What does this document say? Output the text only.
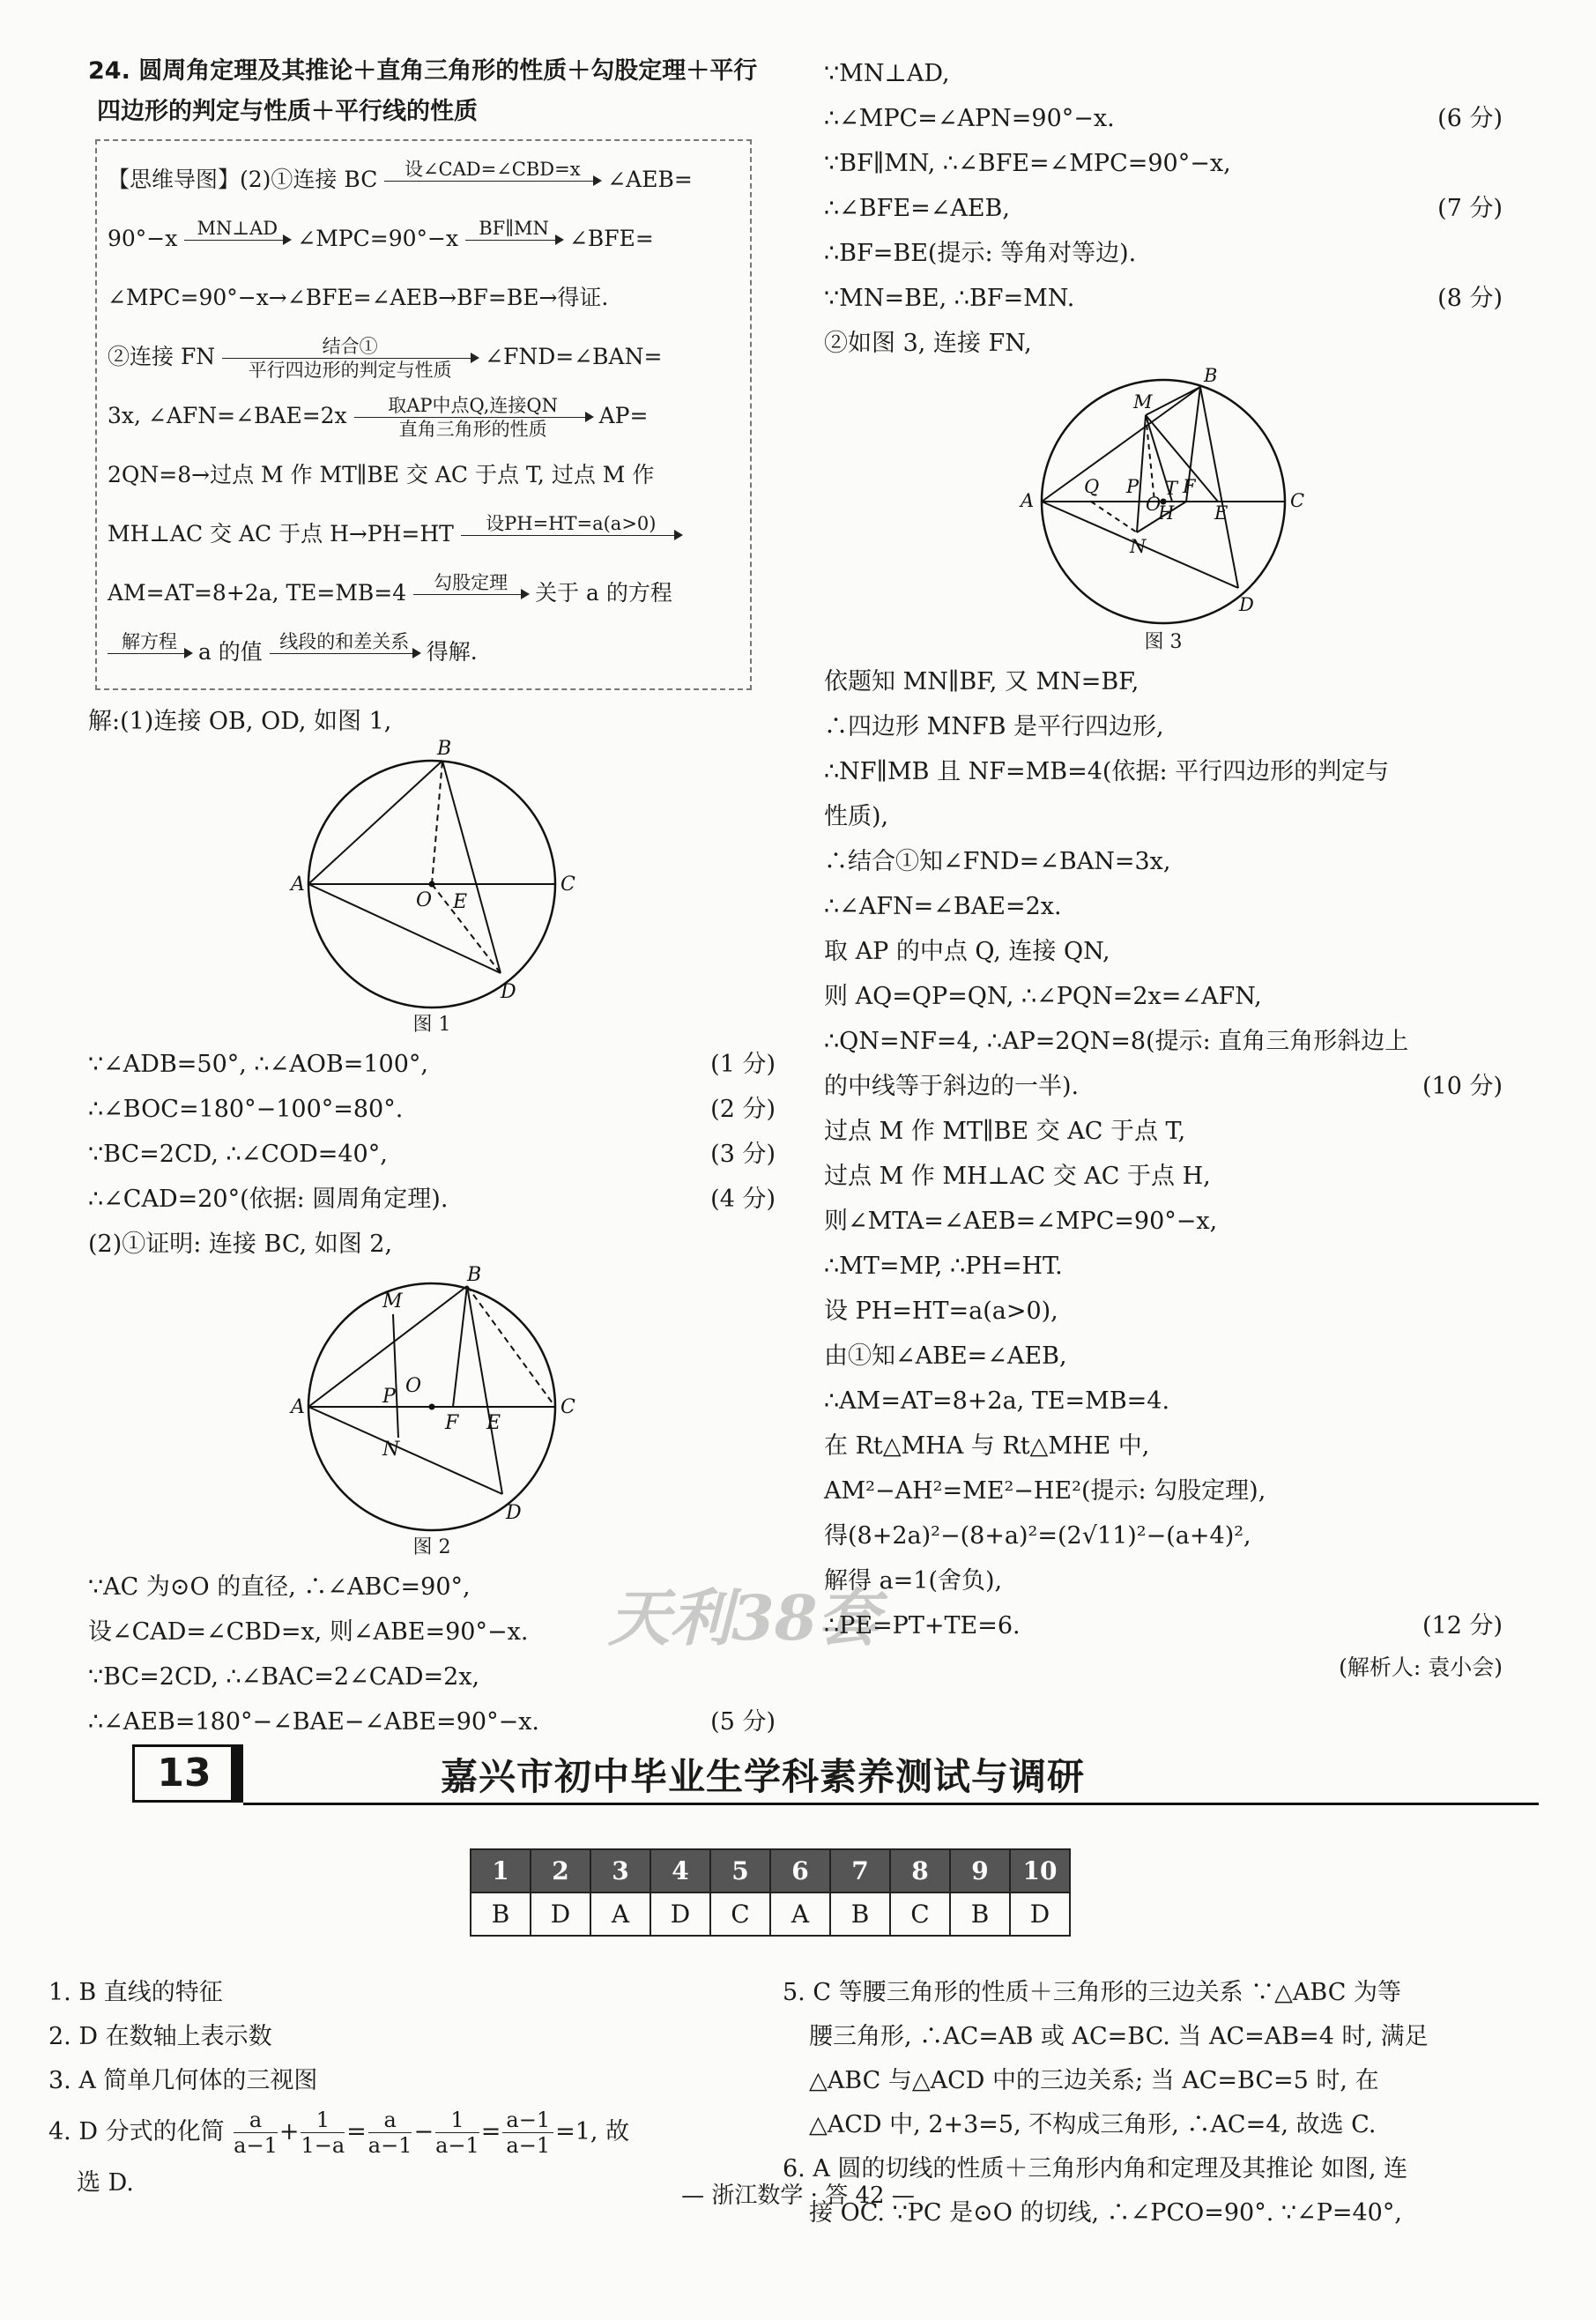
天利38套
24. 圆周角定理及其推论＋直角三角形的性质＋勾股定理＋平行
四边形的判定与性质＋平行线的性质
【思维导图】(2)①连接 BC	设∠CAD=∠CBD=x
	∠AEB=
90°−x	MN⊥AD
∠MPC=90°−x	BF∥MN
∠BFE=
∠MPC=90°−x→∠BFE=∠AEB→BF=BE→得证.
②连接 FN	结合①
平行四边形的判定与性质
∠FND=∠BAN=
3x, ∠AFN=∠BAE=2x	取AP中点Q,连接QN
直角三角形的性质
AP=
2QN=8→过点 M 作 MT∥BE 交 AC 于点 T, 过点 M 作
MH⊥AC 交 AC 于点 H→PH=HT	设PH=HT=a(a>0)

AM=AT=8+2a, TE=MB=4	勾股定理
	关于 a 的方程
解方程
a 的值 线段的和差关系
得解.
解:(1)连接 OB, OD, 如图 1,
B
A	C
O E
D
图 1
∵∠ADB=50°, ∴∠AOB=100°,	(1 分)
∴∠BOC=180°−100°=80°.	(2 分)
∵BC=2CD, ∴∠COD=40°,	(3 分)
∴∠CAD=20°(依据: 圆周角定理).	(4 分)
(2)①证明: 连接 BC, 如图 2,
B
A	C
M
P O
F E
N
D
图 2
∵AC 为⊙O 的直径, ∴∠ABC=90°,
设∠CAD=∠CBD=x, 则∠ABE=90°−x.
∵BC=2CD, ∴∠BAC=2∠CAD=2x,
∴∠AEB=180°−∠BAE−∠ABE=90°−x.	(5 分)
∵MN⊥AD,
∴∠MPC=∠APN=90°−x.	(6 分)
∵BF∥MN, ∴∠BFE=∠MPC=90°−x,
∴∠BFE=∠AEB,	(7 分)
∴BF=BE(提示: 等角对等边).
∵MN=BE, ∴BF=MN.	(8 分)
②如图 3, 连接 FN,
B
A	C
M
Q P T F
O
H E
N
D
图 3
依题知 MN∥BF, 又 MN=BF,
∴四边形 MNFB 是平行四边形,
∴NF∥MB 且 NF=MB=4(依据: 平行四边形的判定与
性质),
∴结合①知∠FND=∠BAN=3x,
∴∠AFN=∠BAE=2x.
取 AP 的中点 Q, 连接 QN,
则 AQ=QP=QN, ∴∠PQN=2x=∠AFN,
∴QN=NF=4, ∴AP=2QN=8(提示: 直角三角形斜边上
的中线等于斜边的一半).	(10 分)
过点 M 作 MT∥BE 交 AC 于点 T,
过点 M 作 MH⊥AC 交 AC 于点 H,
则∠MTA=∠AEB=∠MPC=90°−x,
∴MT=MP, ∴PH=HT.
设 PH=HT=a(a>0),
由①知∠ABE=∠AEB,
∴AM=AT=8+2a, TE=MB=4.
在 Rt△MHA 与 Rt△MHE 中,
AM²−AH²=ME²−HE²(提示: 勾股定理),
得(8+2a)²−(8+a)²=(2√11)²−(a+4)²,
解得 a=1(舍负),
∴PE=PT+TE=6.	(12 分)
(解析人: 袁小会)
13	嘉兴市初中毕业生学科素养测试与调研
1	2	3	4	5	6	7	8	9	10
B	D	A	D	C	A	B	C	B	D
1. B 直线的特征
2. D 在数轴上表示数
3. A 简单几何体的三视图
4. D 分式的化简 $\frac{a}{a-1} + \frac{1}{1-a} = \frac{a}{a-1} - \frac{1}{a-1} = \frac{a-1}{a-1} =1$, 故
选 D.
5. C 等腰三角形的性质＋三角形的三边关系 ∵△ABC 为等
腰三角形, ∴AC=AB 或 AC=BC. 当 AC=AB=4 时, 满足
△ABC 与△ACD 中的三边关系; 当 AC=BC=5 时, 在
△ACD 中, 2+3=5, 不构成三角形, ∴AC=4, 故选 C.
6. A 圆的切线的性质＋三角形内角和定理及其推论 如图, 连
接 OC. ∵PC 是⊙O 的切线, ∴∠PCO=90°. ∵∠P=40°,
— 浙江数学 · 答 42 —
